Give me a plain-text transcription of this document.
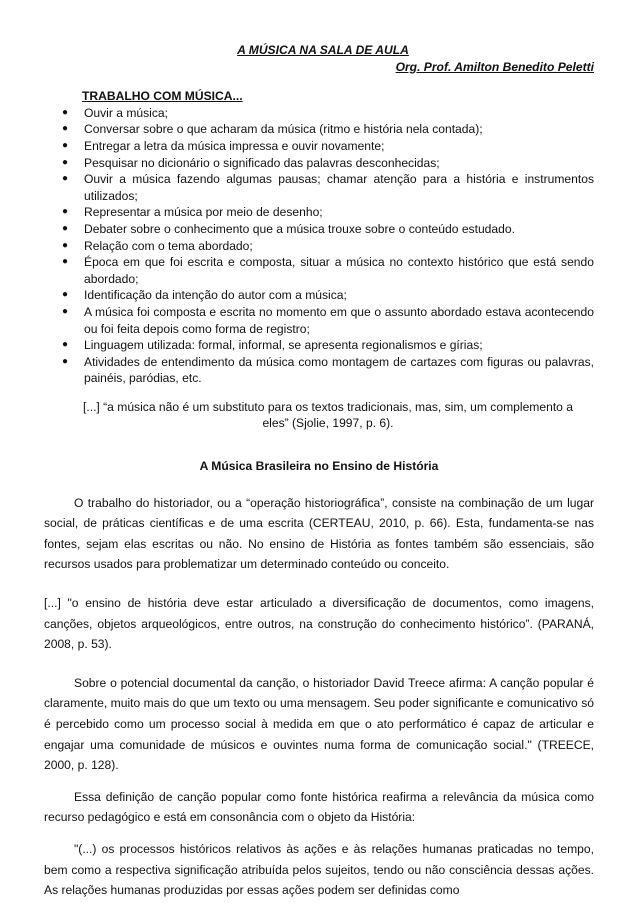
A MÚSICA NA SALA DE AULA

Org. Prof. Amilton Benedito Peletti

TRABALHO COM MÚSICA...
● Ouvir a música;
● Conversar sobre o que acharam da música (ritmo e história nela contada);
● Entregar a letra da música impressa e ouvir novamente;
● Pesquisar no dicionário o significado das palavras desconhecidas;
● Ouvir a música fazendo algumas pausas; chamar atenção para a história e instrumentos utilizados;
● Representar a música por meio de desenho;
● Debater sobre o conhecimento que a música trouxe sobre o conteúdo estudado.
● Relação com o tema abordado;
● Época em que foi escrita e composta, situar a música no contexto histórico que está sendo abordado;
● Identificação da intenção do autor com a música;
● A música foi composta e escrita no momento em que o assunto abordado estava acontecendo ou foi feita depois como forma de registro;
● Linguagem utilizada: formal, informal, se apresenta regionalismos e gírias;
● Atividades de entendimento da música como montagem de cartazes com figuras ou palavras, painéis, paródias, etc.
[...] “a música não é um substituto para os textos tradicionais, mas, sim, um complemento a eles” (Sjolie, 1997, p. 6).
A Música Brasileira no Ensino de História

O trabalho do historiador, ou a “operação historiográfica”, consiste na combinação de um lugar social, de práticas científicas e de uma escrita (CERTEAU, 2010, p. 66). Esta, fundamenta-se nas fontes, sejam elas escritas ou não. No ensino de História as fontes também são essenciais, são recursos usados para problematizar um determinado conteúdo ou conceito.

[...] "o ensino de história deve estar articulado a diversificação de documentos, como imagens, canções, objetos arqueológicos, entre outros, na construção do conhecimento histórico”. (PARANÁ, 2008, p. 53).

Sobre o potencial documental da canção, o historiador David Treece afirma: A canção popular é claramente, muito mais do que um texto ou uma mensagem. Seu poder significante e comunicativo só é percebido como um processo social à medida em que o ato performático é capaz de articular e engajar uma comunidade de músicos e ouvintes numa forma de comunicação social." (TREECE, 2000, p. 128).

Essa definição de canção popular como fonte histórica reafirma a relevância da música como recurso pedagógico e está em consonância com o objeto da História:

"(...) os processos históricos relativos às ações e às relações humanas praticadas no tempo, bem como a respectiva significação atribuída pelos sujeitos, tendo ou não consciência dessas ações. As relações humanas produzidas por essas ações podem ser definidas como
